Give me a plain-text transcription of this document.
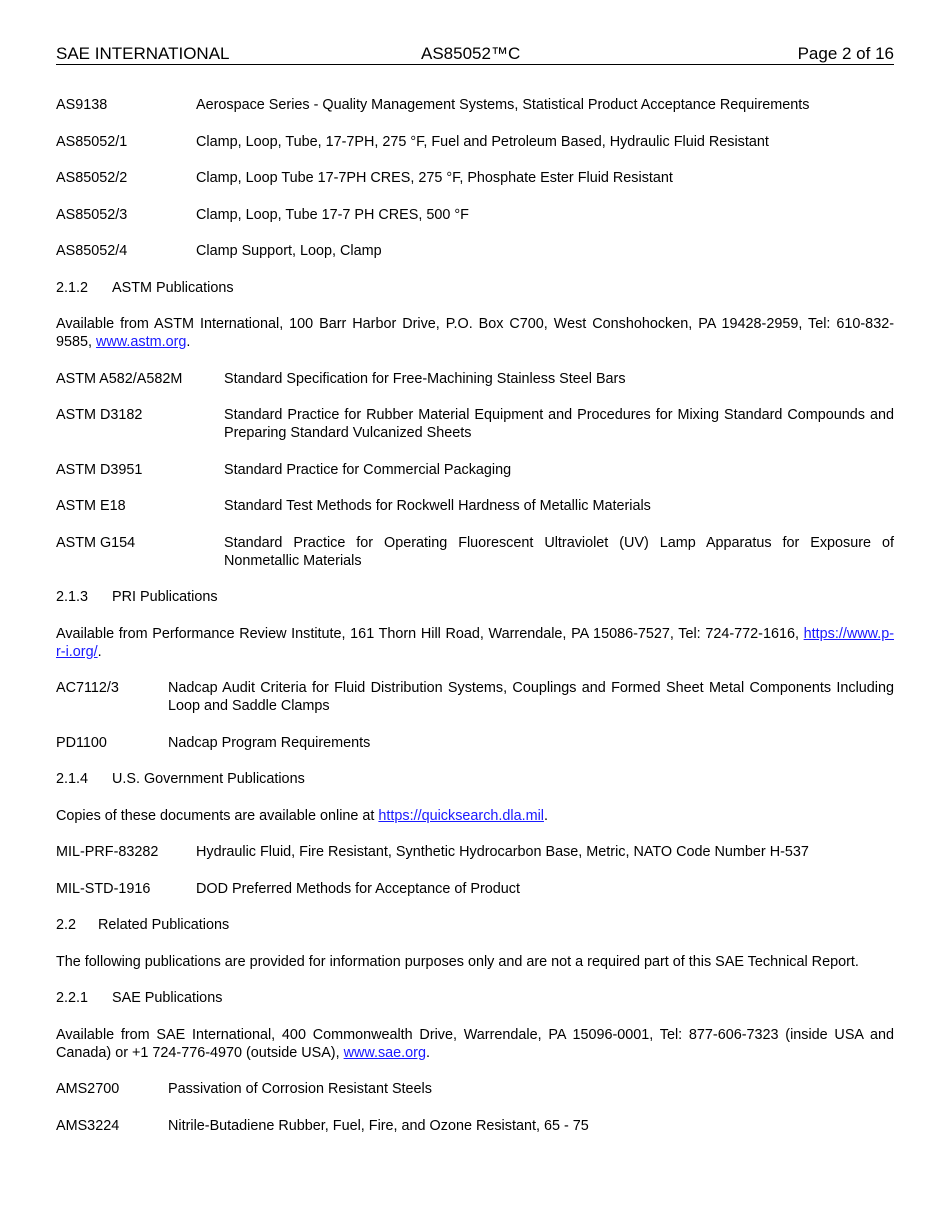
SAE INTERNATIONAL	AS85052™C	Page 2 of 16
AS9138	Aerospace Series - Quality Management Systems, Statistical Product Acceptance Requirements
AS85052/1	Clamp, Loop, Tube, 17-7PH, 275 °F, Fuel and Petroleum Based, Hydraulic Fluid Resistant
AS85052/2	Clamp, Loop Tube 17-7PH CRES, 275 °F, Phosphate Ester Fluid Resistant
AS85052/3	Clamp, Loop, Tube 17-7 PH CRES, 500 °F
AS85052/4	Clamp Support, Loop, Clamp
2.1.2 ASTM Publications
Available from ASTM International, 100 Barr Harbor Drive, P.O. Box C700, West Conshohocken, PA 19428-2959, Tel: 610-832-9585, www.astm.org.
ASTM A582/A582M	Standard Specification for Free-Machining Stainless Steel Bars
ASTM D3182	Standard Practice for Rubber Material Equipment and Procedures for Mixing Standard Compounds and Preparing Standard Vulcanized Sheets
ASTM D3951	Standard Practice for Commercial Packaging
ASTM E18	Standard Test Methods for Rockwell Hardness of Metallic Materials
ASTM G154	Standard Practice for Operating Fluorescent Ultraviolet (UV) Lamp Apparatus for Exposure of Nonmetallic Materials
2.1.3 PRI Publications
Available from Performance Review Institute, 161 Thorn Hill Road, Warrendale, PA 15086-7527, Tel: 724-772-1616, https://www.p-r-i.org/.
AC7112/3	Nadcap Audit Criteria for Fluid Distribution Systems, Couplings and Formed Sheet Metal Components Including Loop and Saddle Clamps
PD1100	Nadcap Program Requirements
2.1.4 U.S. Government Publications
Copies of these documents are available online at https://quicksearch.dla.mil.
MIL-PRF-83282	Hydraulic Fluid, Fire Resistant, Synthetic Hydrocarbon Base, Metric, NATO Code Number H-537
MIL-STD-1916	DOD Preferred Methods for Acceptance of Product
2.2 Related Publications
The following publications are provided for information purposes only and are not a required part of this SAE Technical Report.
2.2.1 SAE Publications
Available from SAE International, 400 Commonwealth Drive, Warrendale, PA 15096-0001, Tel: 877-606-7323 (inside USA and Canada) or +1 724-776-4970 (outside USA), www.sae.org.
AMS2700	Passivation of Corrosion Resistant Steels
AMS3224	Nitrile-Butadiene Rubber, Fuel, Fire, and Ozone Resistant, 65 - 75
